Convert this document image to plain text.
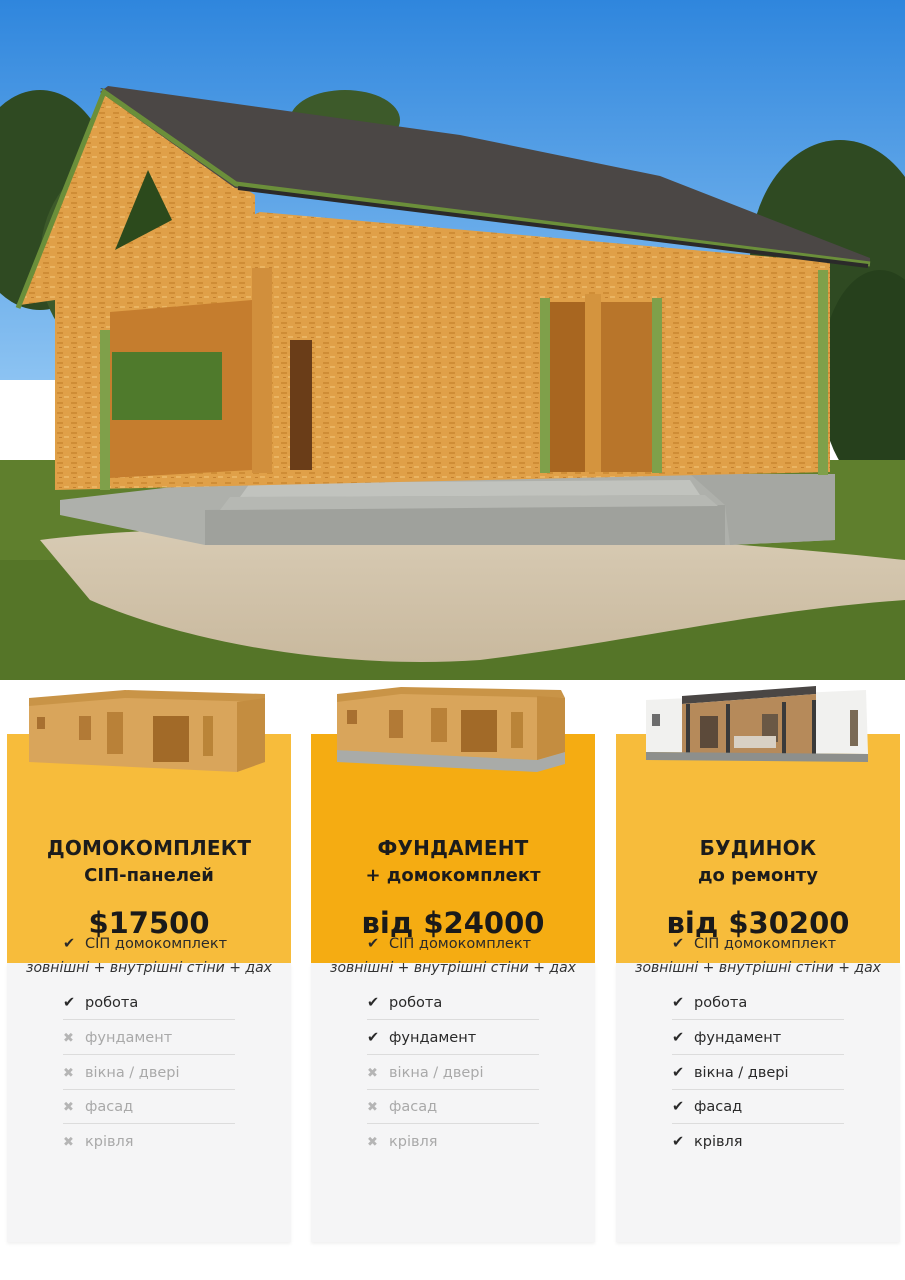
ДОМОКОМПЛЕКТ
СІП-панелей
$17500
✔ СІП домокомплект
зовнішні + внутрішні стіни + дах
✔ робота
✖ фундамент
✖ вікна / двері
✖ фасад
✖ крівля
ФУНДАМЕНТ
+ домокомплект
від $24000
✔ СІП домокомплект
зовнішні + внутрішні стіни + дах
✔ робота
✔ фундамент
✖ вікна / двері
✖ фасад
✖ крівля
БУДИНОК
до ремонту
від $30200
✔ СІП домокомплект
зовнішні + внутрішні стіни + дах
✔ робота
✔ фундамент
✔ вікна / двері
✔ фасад
✔ крівля
